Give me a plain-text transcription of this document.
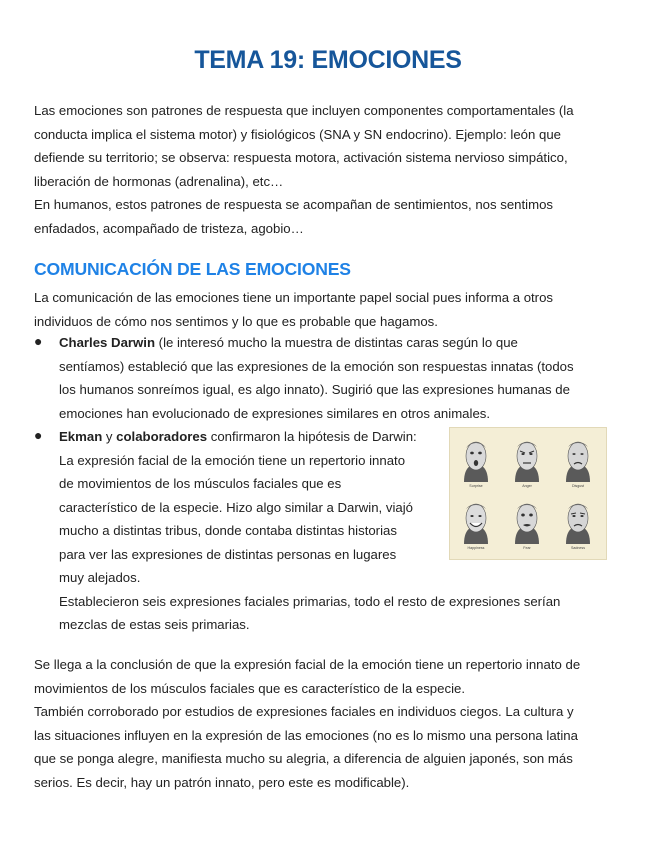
TEMA 19: EMOCIONES
Las emociones son patrones de respuesta que incluyen componentes comportamentales (la
conducta implica el sistema motor) y fisiológicos (SNA y SN endocrino). Ejemplo: león que
defiende su territorio; se observa: respuesta motora, activación sistema nervioso simpático,
liberación de hormonas (adrenalina), etc…
En humanos, estos patrones de respuesta se acompañan de sentimientos, nos sentimos
enfadados, acompañado de tristeza, agobio…
COMUNICACIÓN DE LAS EMOCIONES
La comunicación de las emociones tiene un importante papel social pues informa a otros
individuos de cómo nos sentimos y lo que es probable que hagamos.
● Charles Darwin (le interesó mucho la muestra de distintas caras según lo que
sentíamos) estableció que las expresiones de la emoción son respuestas innatas (todos
los humanos sonreímos igual, es algo innato). Sugirió que las expresiones humanas de
emociones han evolucionado de expresiones similares en otros animales.
● Ekman y colaboradores confirmaron la hipótesis de Darwin:
La expresión facial de la emoción tiene un repertorio innato
de movimientos de los músculos faciales que es
característico de la especie. Hizo algo similar a Darwin, viajó
mucho a distintas tribus, donde contaba distintas historias
para ver las expresiones de distintas personas en lugares
muy alejados.
Establecieron seis expresiones faciales primarias, todo el resto de expresiones serían
mezclas de estas seis primarias.
Surprise	Anger	Disgust
Happiness	Fear	Sadness
Se llega a la conclusión de que la expresión facial de la emoción tiene un repertorio innato de
movimientos de los músculos faciales que es característico de la especie.
También corroborado por estudios de expresiones faciales en individuos ciegos. La cultura y
las situaciones influyen en la expresión de las emociones (no es lo mismo una persona latina
que se ponga alegre, manifiesta mucho su alegria, a diferencia de alguien japonés, son más
serios. Es decir, hay un patrón innato, pero este es modificable).
